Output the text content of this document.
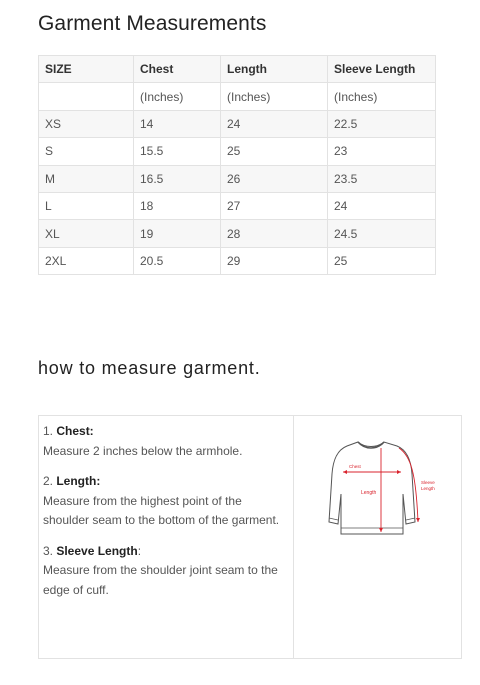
Garment Measurements
SIZE	Chest	Length	Sleeve Length
	(Inches)	(Inches)	(Inches)
XS	14	24	22.5
S	15.5	25	23
M	16.5	26	23.5
L	18	27	24
XL	19	28	24.5
2XL	20.5	29	25
how to measure garment.
1. Chest:
Measure 2 inches below the armhole.
2. Length:
Measure from the highest point of the shoulder seam to the bottom of the garment.
3. Sleeve Length:
Measure from the shoulder joint seam to the edge of cuff.
Chest
Length
Sleeve
Length
